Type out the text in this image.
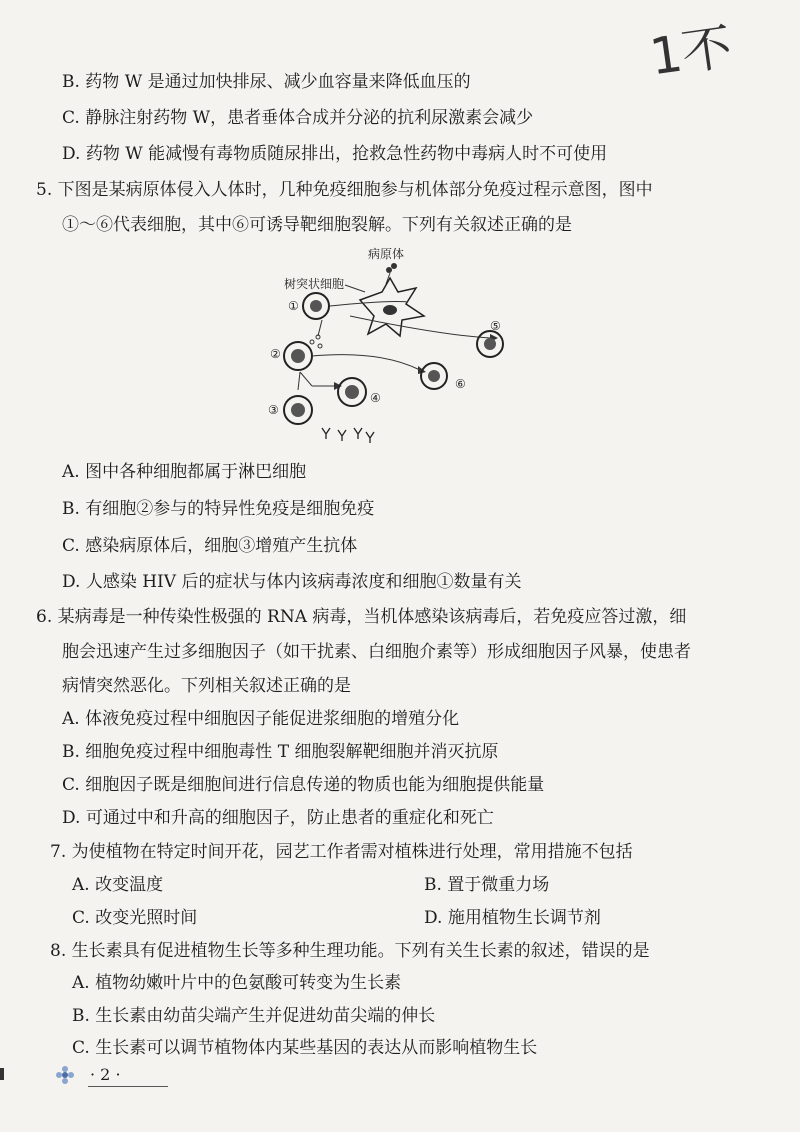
1不
B. 药物 W 是通过加快排尿、减少血容量来降低血压的
C. 静脉注射药物 W，患者垂体合成并分泌的抗利尿激素会减少
D. 药物 W 能减慢有毒物质随尿排出，抢救急性药物中毒病人时不可使用
5. 下图是某病原体侵入人体时，几种免疫细胞参与机体部分免疫过程示意图，图中
①～⑥代表细胞，其中⑥可诱导靶细胞裂解。下列有关叙述正确的是
病原体
树突状细胞
①
②
⑤
⑥
④
③
A. 图中各种细胞都属于淋巴细胞
B. 有细胞②参与的特异性免疫是细胞免疫
C. 感染病原体后，细胞③增殖产生抗体
D. 人感染 HIV 后的症状与体内该病毒浓度和细胞①数量有关
6. 某病毒是一种传染性极强的 RNA 病毒，当机体感染该病毒后，若免疫应答过激，细
胞会迅速产生过多细胞因子（如干扰素、白细胞介素等）形成细胞因子风暴，使患者
病情突然恶化。下列相关叙述正确的是
A. 体液免疫过程中细胞因子能促进浆细胞的增殖分化
B. 细胞免疫过程中细胞毒性 T 细胞裂解靶细胞并消灭抗原
C. 细胞因子既是细胞间进行信息传递的物质也能为细胞提供能量
D. 可通过中和升高的细胞因子，防止患者的重症化和死亡
7. 为使植物在特定时间开花，园艺工作者需对植株进行处理，常用措施不包括
A. 改变温度	B. 置于微重力场
C. 改变光照时间	D. 施用植物生长调节剂
8. 生长素具有促进植物生长等多种生理功能。下列有关生长素的叙述，错误的是
A. 植物幼嫩叶片中的色氨酸可转变为生长素
B. 生长素由幼苗尖端产生并促进幼苗尖端的伸长
C. 生长素可以调节植物体内某些基因的表达从而影响植物生长
· 2 ·
